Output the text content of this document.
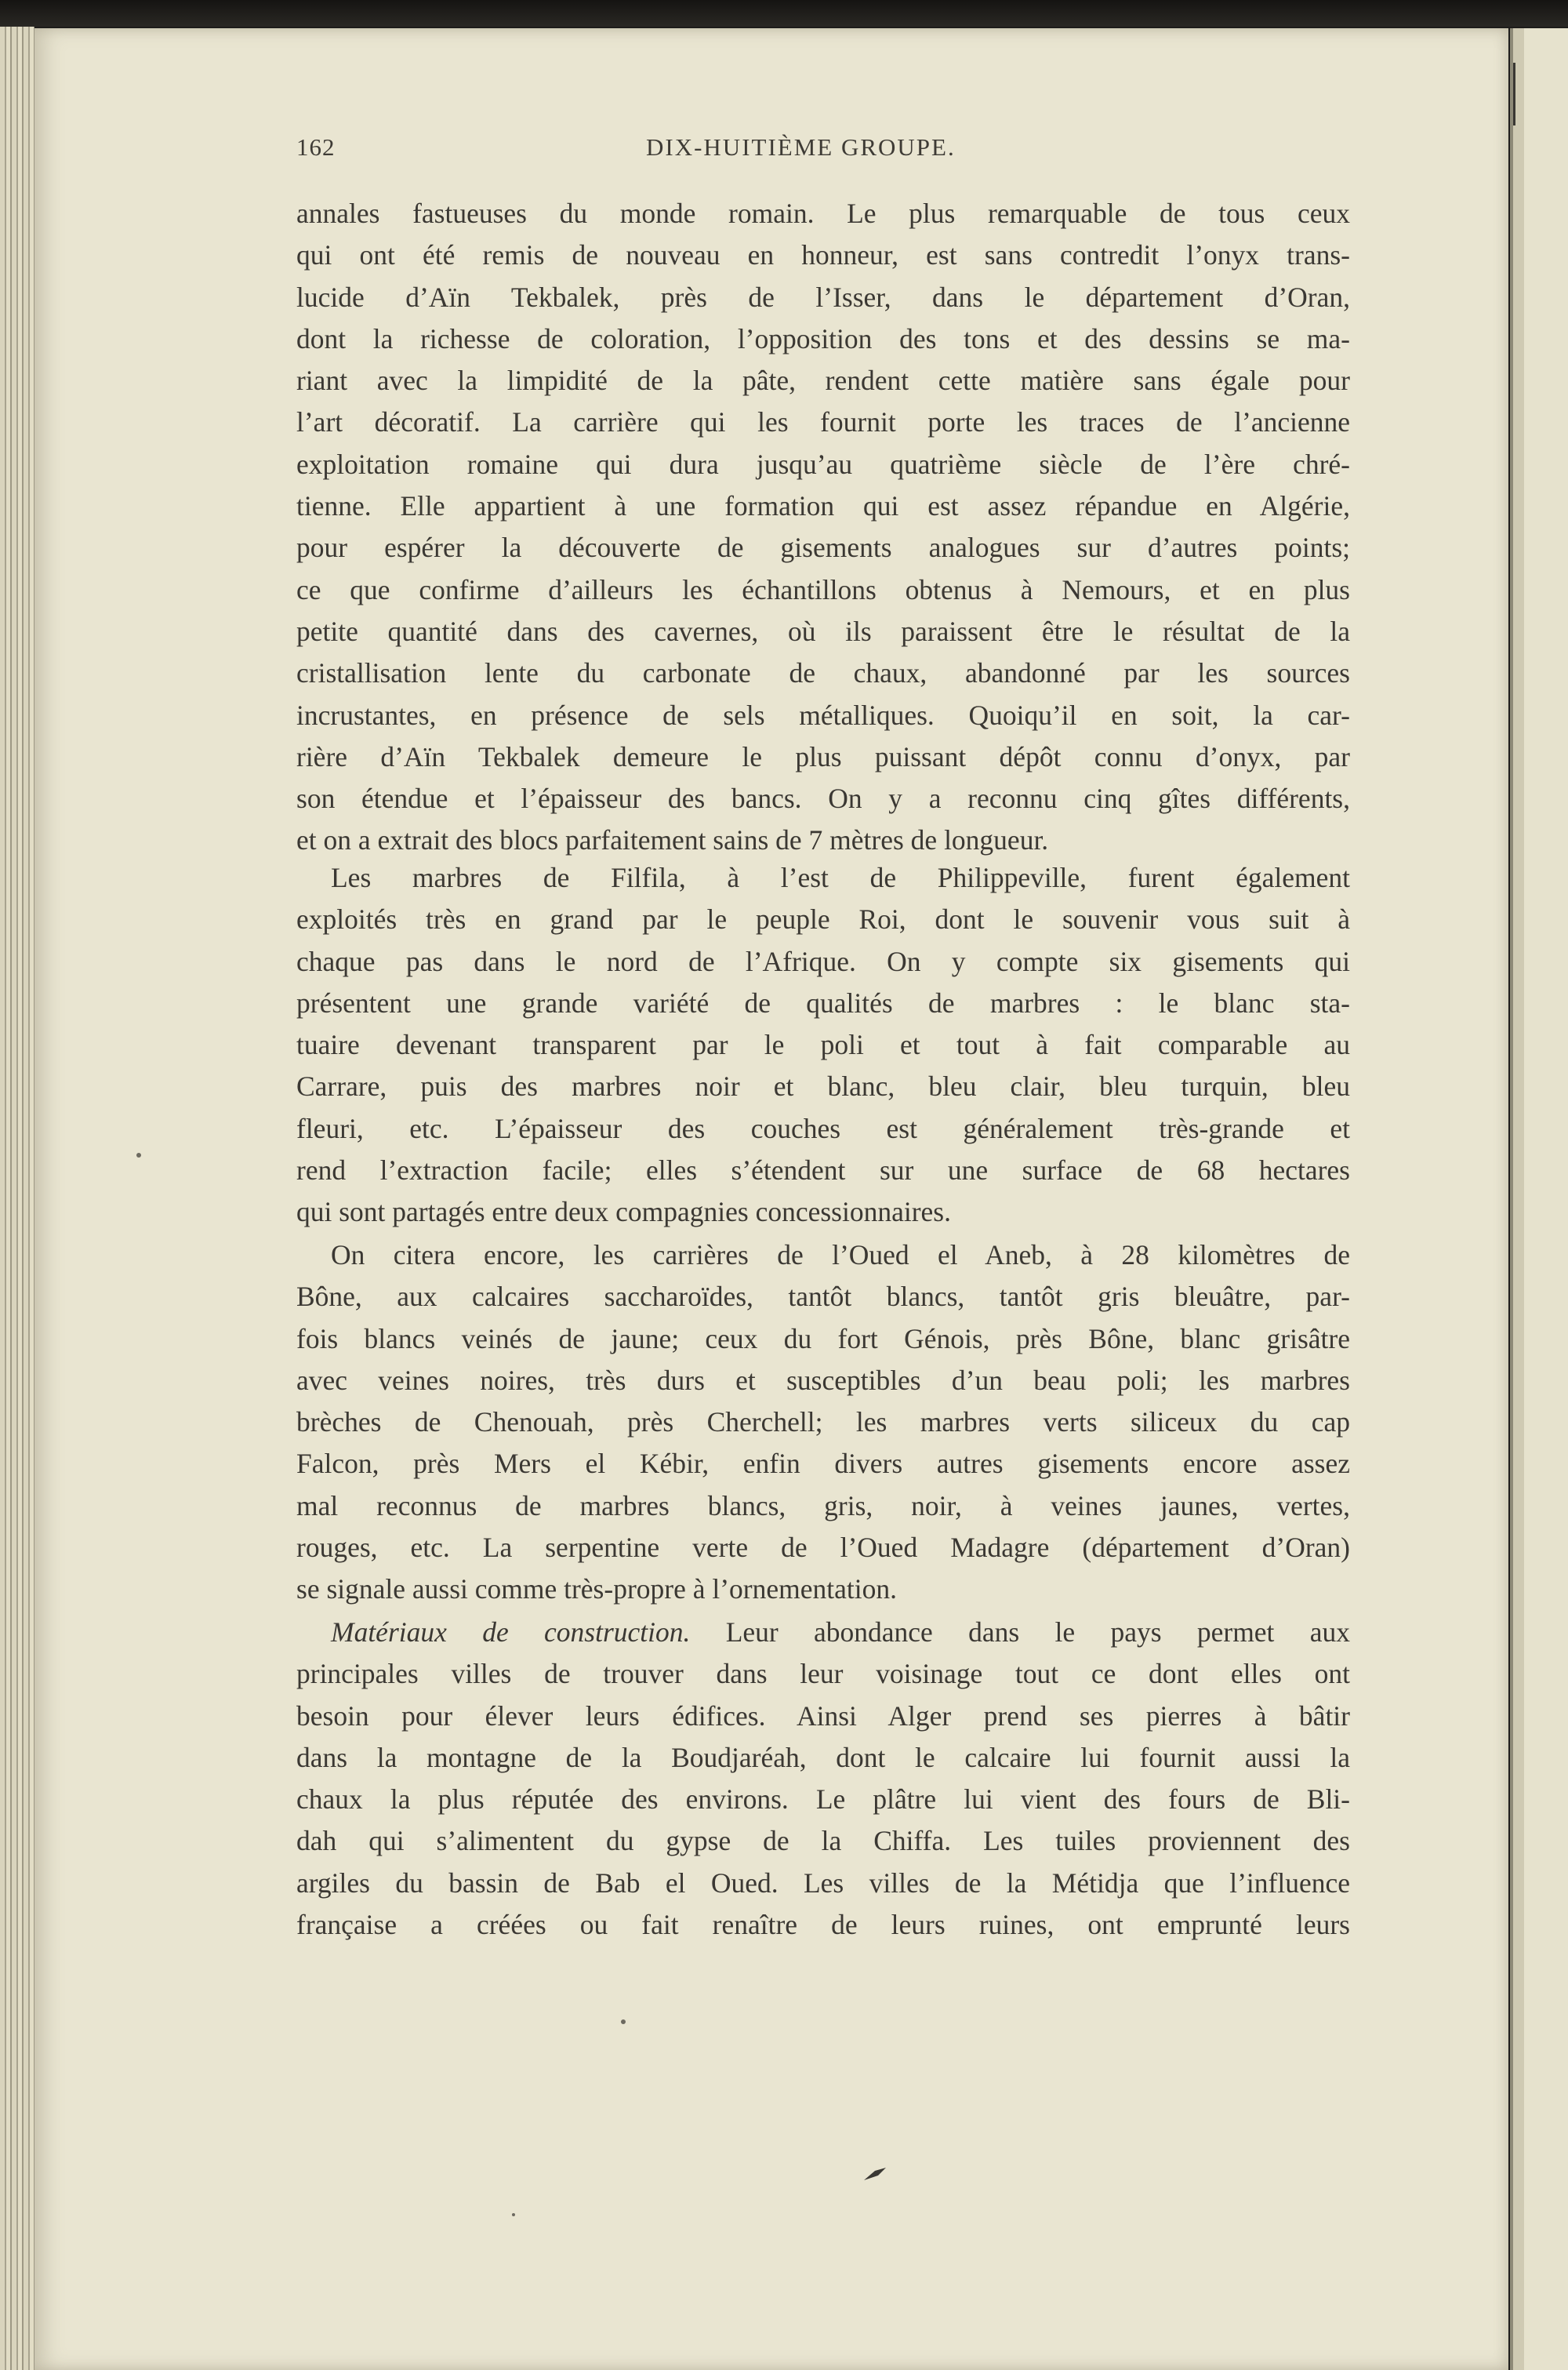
162	DIX-HUITIÈME GROUPE.
annales fastueuses du monde romain. Le plus remarquable de tous ceux
qui ont été remis de nouveau en honneur, est sans contredit l’onyx trans-
lucide d’Aïn Tekbalek, près de l’Isser, dans le département d’Oran,
dont la richesse de coloration, l’opposition des tons et des dessins se ma-
riant avec la limpidité de la pâte, rendent cette matière sans égale pour
l’art décoratif. La carrière qui les fournit porte les traces de l’ancienne
exploitation romaine qui dura jusqu’au quatrième siècle de l’ère chré-
tienne. Elle appartient à une formation qui est assez répandue en Algérie,
pour espérer la découverte de gisements analogues sur d’autres points;
ce que confirme d’ailleurs les échantillons obtenus à Nemours, et en plus
petite quantité dans des cavernes, où ils paraissent être le résultat de la
cristallisation lente du carbonate de chaux, abandonné par les sources
incrustantes, en présence de sels métalliques. Quoiqu’il en soit, la car-
rière d’Aïn Tekbalek demeure le plus puissant dépôt connu d’onyx, par
son étendue et l’épaisseur des bancs. On y a reconnu cinq gîtes différents,
et on a extrait des blocs parfaitement sains de 7 mètres de longueur.
Les marbres de Filfila, à l’est de Philippeville, furent également
exploités très en grand par le peuple Roi, dont le souvenir vous suit à
chaque pas dans le nord de l’Afrique. On y compte six gisements qui
présentent une grande variété de qualités de marbres : le blanc sta-
tuaire devenant transparent par le poli et tout à fait comparable au
Carrare, puis des marbres noir et blanc, bleu clair, bleu turquin, bleu
fleuri, etc. L’épaisseur des couches est généralement très-grande et
rend l’extraction facile; elles s’étendent sur une surface de 68 hectares
qui sont partagés entre deux compagnies concessionnaires.
On citera encore, les carrières de l’Oued el Aneb, à 28 kilomètres de
Bône, aux calcaires saccharoïdes, tantôt blancs, tantôt gris bleuâtre, par-
fois blancs veinés de jaune; ceux du fort Génois, près Bône, blanc grisâtre
avec veines noires, très durs et susceptibles d’un beau poli; les marbres
brèches de Chenouah, près Cherchell; les marbres verts siliceux du cap
Falcon, près Mers el Kébir, enfin divers autres gisements encore assez
mal reconnus de marbres blancs, gris, noir, à veines jaunes, vertes,
rouges, etc. La serpentine verte de l’Oued Madagre (département d’Oran)
se signale aussi comme très-propre à l’ornementation.
Matériaux de construction. Leur abondance dans le pays permet aux
principales villes de trouver dans leur voisinage tout ce dont elles ont
besoin pour élever leurs édifices. Ainsi Alger prend ses pierres à bâtir
dans la montagne de la Boudjaréah, dont le calcaire lui fournit aussi la
chaux la plus réputée des environs. Le plâtre lui vient des fours de Bli-
dah qui s’alimentent du gypse de la Chiffa. Les tuiles proviennent des
argiles du bassin de Bab el Oued. Les villes de la Métidja que l’influence
française a créées ou fait renaître de leurs ruines, ont emprunté leurs
